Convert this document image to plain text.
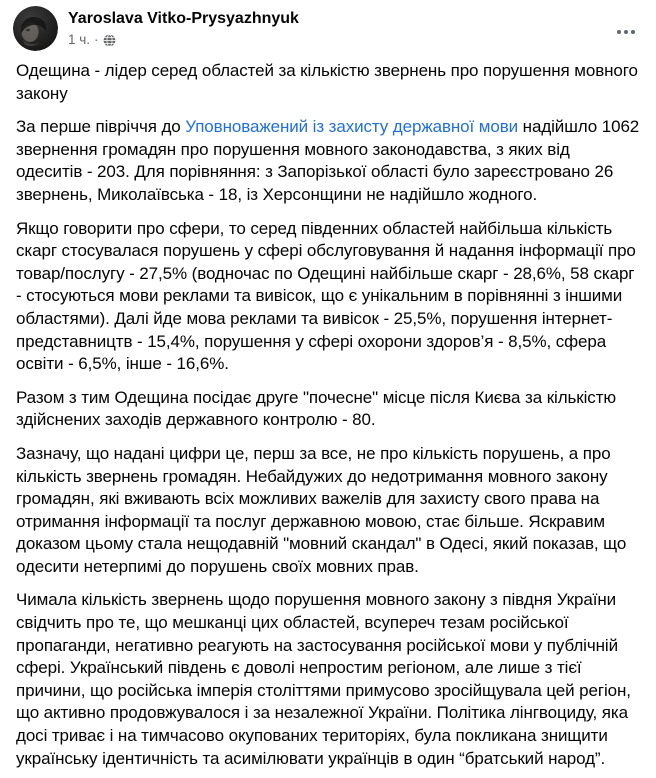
Yaroslava Vitko-Prysyazhnyuk
1 ч. ·

Одещина - лідер серед областей за кількістю звернень про порушення мовного закону

За перше півріччя до Уповноважений із захисту державної мови надійшло 1062 звернення громадян про порушення мовного законодавства, з яких від одеситів - 203. Для порівняння: з Запорізької області було зареєстровано 26 звернень, Миколаївська - 18, із Херсонщини не надійшло жодного.

Якщо говорити про сфери, то серед південних областей найбільша кількість скарг стосувалася порушень у сфері обслуговування й надання інформації про товар/послугу - 27,5% (водночас по Одещині найбільше скарг - 28,6%, 58 скарг - стосуються мови реклами та вивісок, що є унікальним в порівнянні з іншими областями). Далі йде мова реклами та вивісок - 25,5%, порушення інтернет-представництв - 15,4%, порушення у сфері охорони здоров’я - 8,5%, сфера освіти - 6,5%, інше - 16,6%.

Разом з тим Одещина посідає друге "почесне" місце після Києва за кількістю здійснених заходів державного контролю - 80.

Зазначу, що надані цифри це, перш за все, не про кількість порушень, а про кількість звернень громадян. Небайдужих до недотримання мовного закону громадян, які вживають всіх можливих важелів для захисту свого права на отримання інформації та послуг державною мовою, стає більше. Яскравим доказом цьому стала нещодавній "мовний скандал" в Одесі, який показав, що одесити нетерпимі до порушень своїх мовних прав.

Чимала кількість звернень щодо порушення мовного закону з півдня України свідчить про те, що мешканці цих областей, всупереч тезам російської пропаганди, негативно реагують на застосування російської мови у публічній сфері. Український південь є доволі непростим регіоном, але лише з тієї причини, що російська імперія століттями примусово зросійщувала цей регіон, що активно продовжувалося і за незалежної України. Політика лінгвоциду, яка досі триває і на тимчасово окупованих територіях, була покликана знищити українську ідентичність та асимілювати українців в один “братський народ”.
